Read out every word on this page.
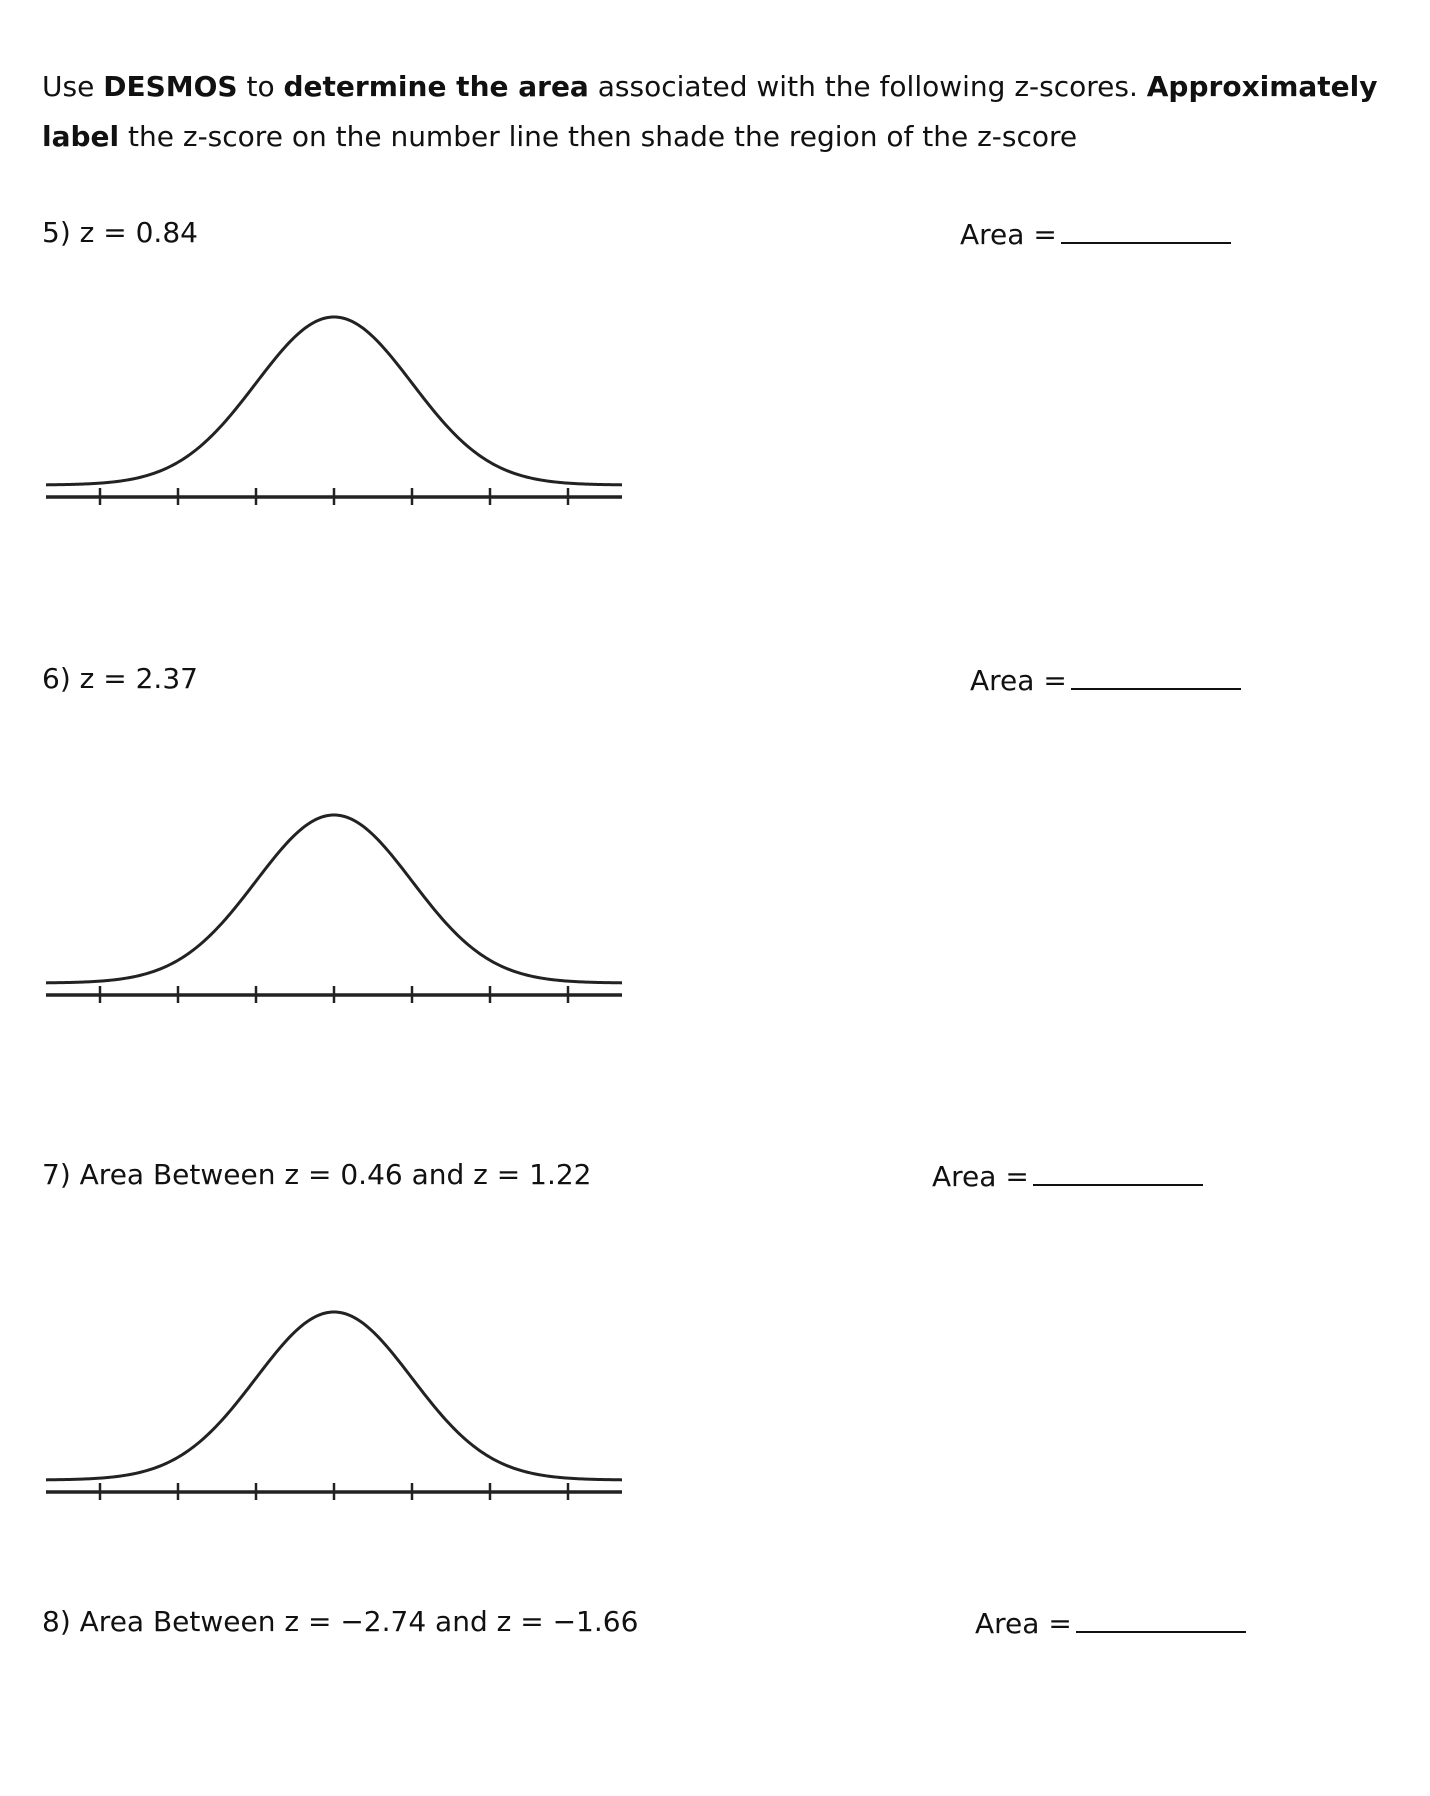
Use DESMOS to determine the area associated with the following z-scores. Approximately label the z-score on the number line then shade the region of the z-score
5) z = 0.84	Area =
6) z = 2.37	Area =
7) Area Between z = 0.46 and z = 1.22	Area =
8) Area Between z = −2.74 and z = −1.66	Area =
